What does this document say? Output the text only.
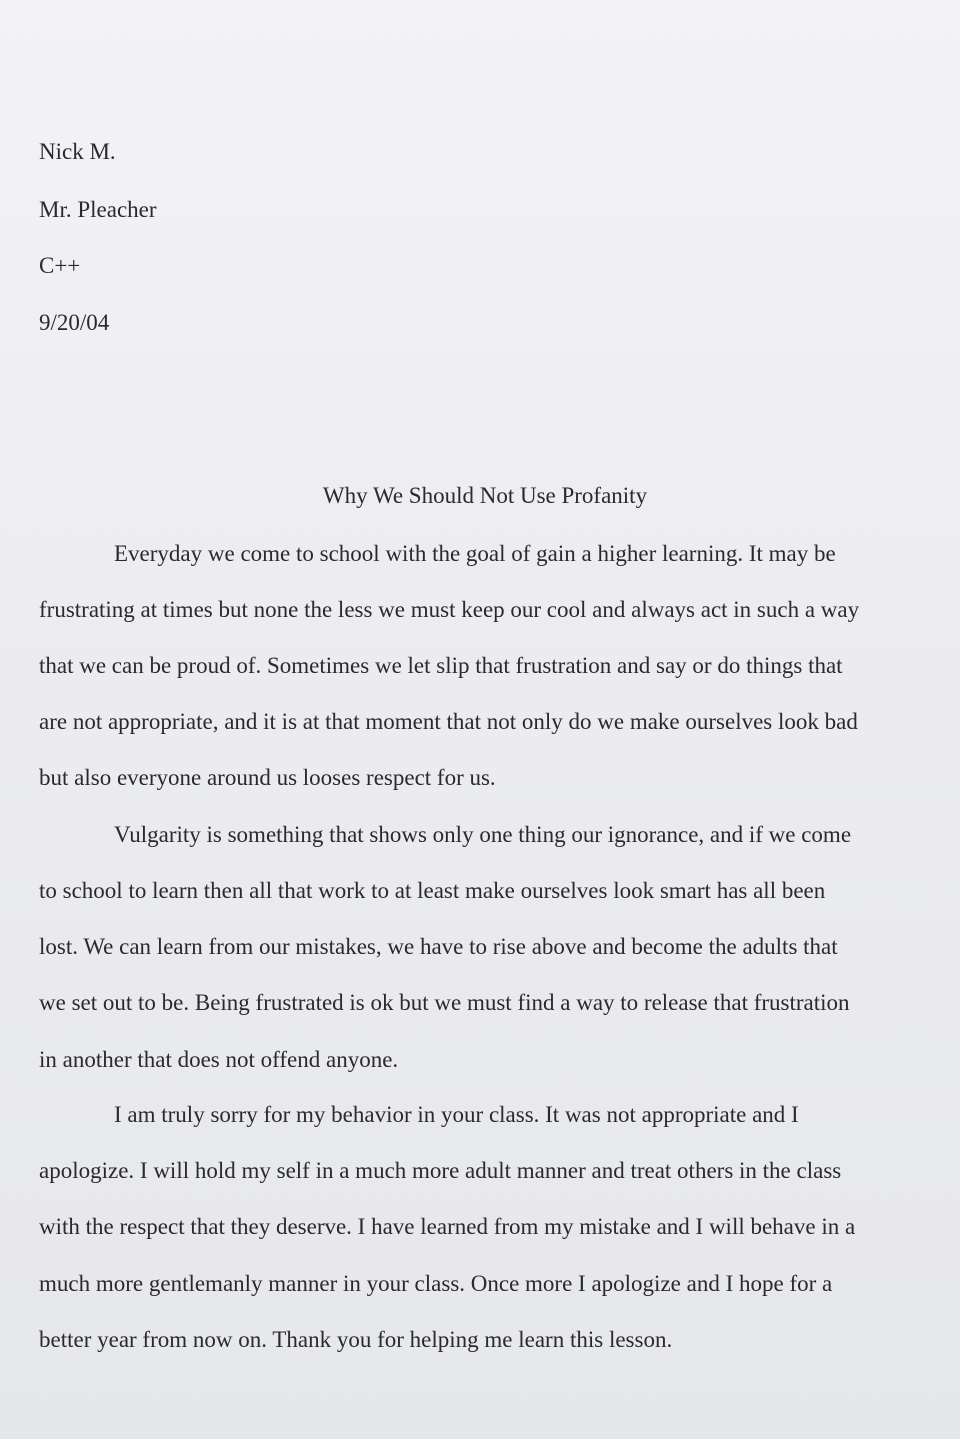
Nick M.
Mr. Pleacher
C++
9/20/04
Why We Should Not Use Profanity
Everyday we come to school with the goal of gain a higher learning. It may be
frustrating at times but none the less we must keep our cool and always act in such a way
that we can be proud of. Sometimes we let slip that frustration and say or do things that
are not appropriate, and it is at that moment that not only do we make ourselves look bad
but also everyone around us looses respect for us.
Vulgarity is something that shows only one thing our ignorance, and if we come
to school to learn then all that work to at least make ourselves look smart has all been
lost. We can learn from our mistakes, we have to rise above and become the adults that
we set out to be. Being frustrated is ok but we must find a way to release that frustration
in another that does not offend anyone.
I am truly sorry for my behavior in your class. It was not appropriate and I
apologize. I will hold my self in a much more adult manner and treat others in the class
with the respect that they deserve. I have learned from my mistake and I will behave in a
much more gentlemanly manner in your class. Once more I apologize and I hope for a
better year from now on. Thank you for helping me learn this lesson.
